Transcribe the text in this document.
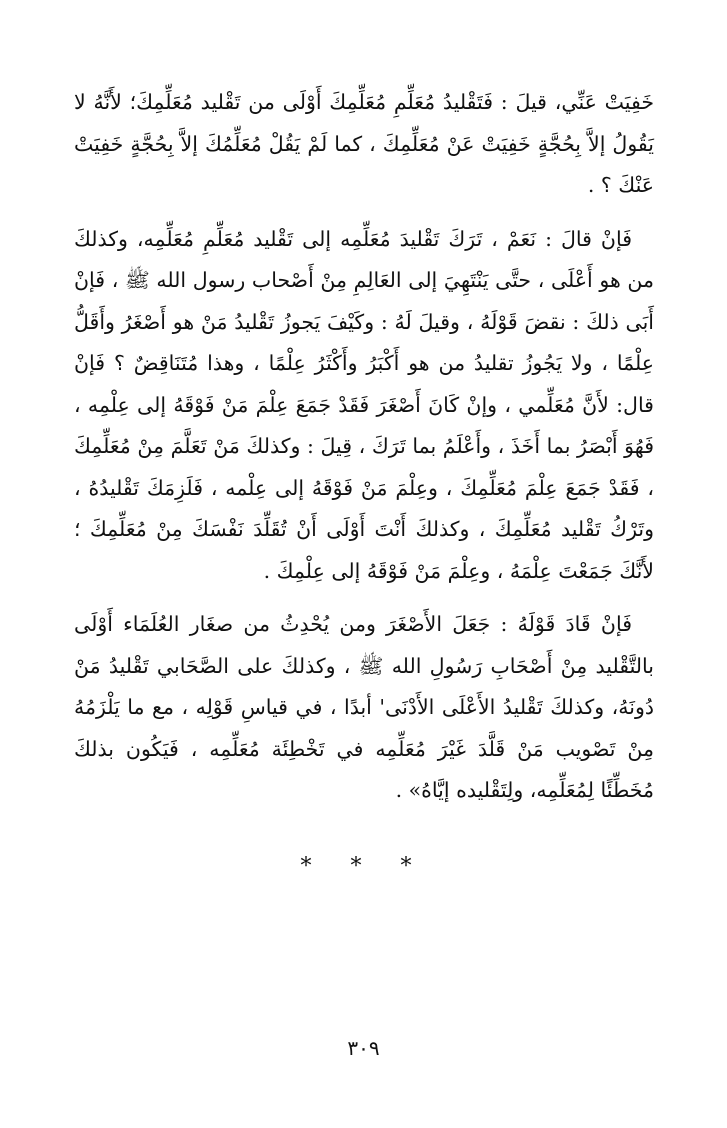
خَفِيَتْ عَنِّي، قيلَ : فَتَقْليدُ مُعَلِّمِ مُعَلِّمِكَ أَوْلَى من تَقْليد مُعَلِّمِكَ؛ لأَنَّهُ لا يَقُولُ إلاَّ بِحُجَّةٍ خَفِيَتْ عَنْ مُعَلِّمِكَ ، كما لَمْ يَقُلْ مُعَلِّمُكَ إلاَّ بِحُجَّةٍ خَفِيَتْ عَنْكَ ؟ .

فَإنْ قالَ : نَعَمْ ، تَرَكَ تَقْليدَ مُعَلِّمِه إلى تَقْليد مُعَلِّمِ مُعَلِّمِه، وكذلكَ من هو أَعْلَى ، حتَّى يَنْتَهِيَ إلى العَالِمِ مِنْ أَصْحاب رسول الله ﷺ ، فَإنْ أَبَى ذلكَ : نقضَ قَوْلَهُ ، وقيلَ لَهُ : وكَيْفَ يَجوزُ تَقْليدُ مَنْ هو أَصْغَرُ وأَقَلُّ عِلْمًا ، ولا يَجُوزُ تقليدُ من هو أَكْبَرُ وأَكْثَرُ عِلْمًا ، وهذا مُتَنَاقِضٌ ؟ فَإنْ قال: لأَنَّ مُعَلِّمي ، وإنْ كَانَ أَصْغَرَ فَقَدْ جَمَعَ عِلْمَ مَنْ فَوْقَهُ إلى عِلْمِه ، فَهُوَ أَبْصَرُ بما أَخَذَ ، وأَعْلَمُ بما تَرَكَ ، قِيلَ : وكذلكَ مَنْ تَعَلَّمَ مِنْ مُعَلِّمِكَ ، فَقَدْ جَمَعَ عِلْمَ مُعَلِّمِكَ ، وعِلْمَ مَنْ فَوْقَهُ إلى عِلْمه ، فَلَزِمَكَ تَقْليدُهُ ، وتَرْكُ تَقْليد مُعَلِّمِكَ ، وكذلكَ أَنْتَ أَوْلَى أَنْ تُقَلِّدَ نَفْسَكَ مِنْ مُعَلِّمِكَ ؛ لأَنَّكَ جَمَعْتَ عِلْمَهُ ، وعِلْمَ مَنْ فَوْقَهُ إلى عِلْمِكَ .

فَإنْ قَادَ قَوْلَهُ : جَعَلَ الأَصْغَرَ ومن يُحْدِثُ من صغَار العُلَمَاء أَوْلَى بالتَّقْليد مِنْ أَصْحَابِ رَسُولِ الله ﷺ ، وكذلكَ على الصَّحَابي تَقْليدُ مَنْ دُونَهُ، وكذلكَ تَقْليدُ الأَعْلَى الأَدْنَى' أبدًا ، في قياسِ قَوْلِه ، مع ما يَلْزَمُهُ مِنْ تَصْويب مَنْ قَلَّدَ غَيْرَ مُعَلِّمِه في تَخْطِئَة مُعَلِّمِه ، فَيَكُون بذلكَ مُخَطِّئًا لِمُعَلِّمِه، ولِتَقْليده إيَّاهُ» .

* * *
٣٠٩
